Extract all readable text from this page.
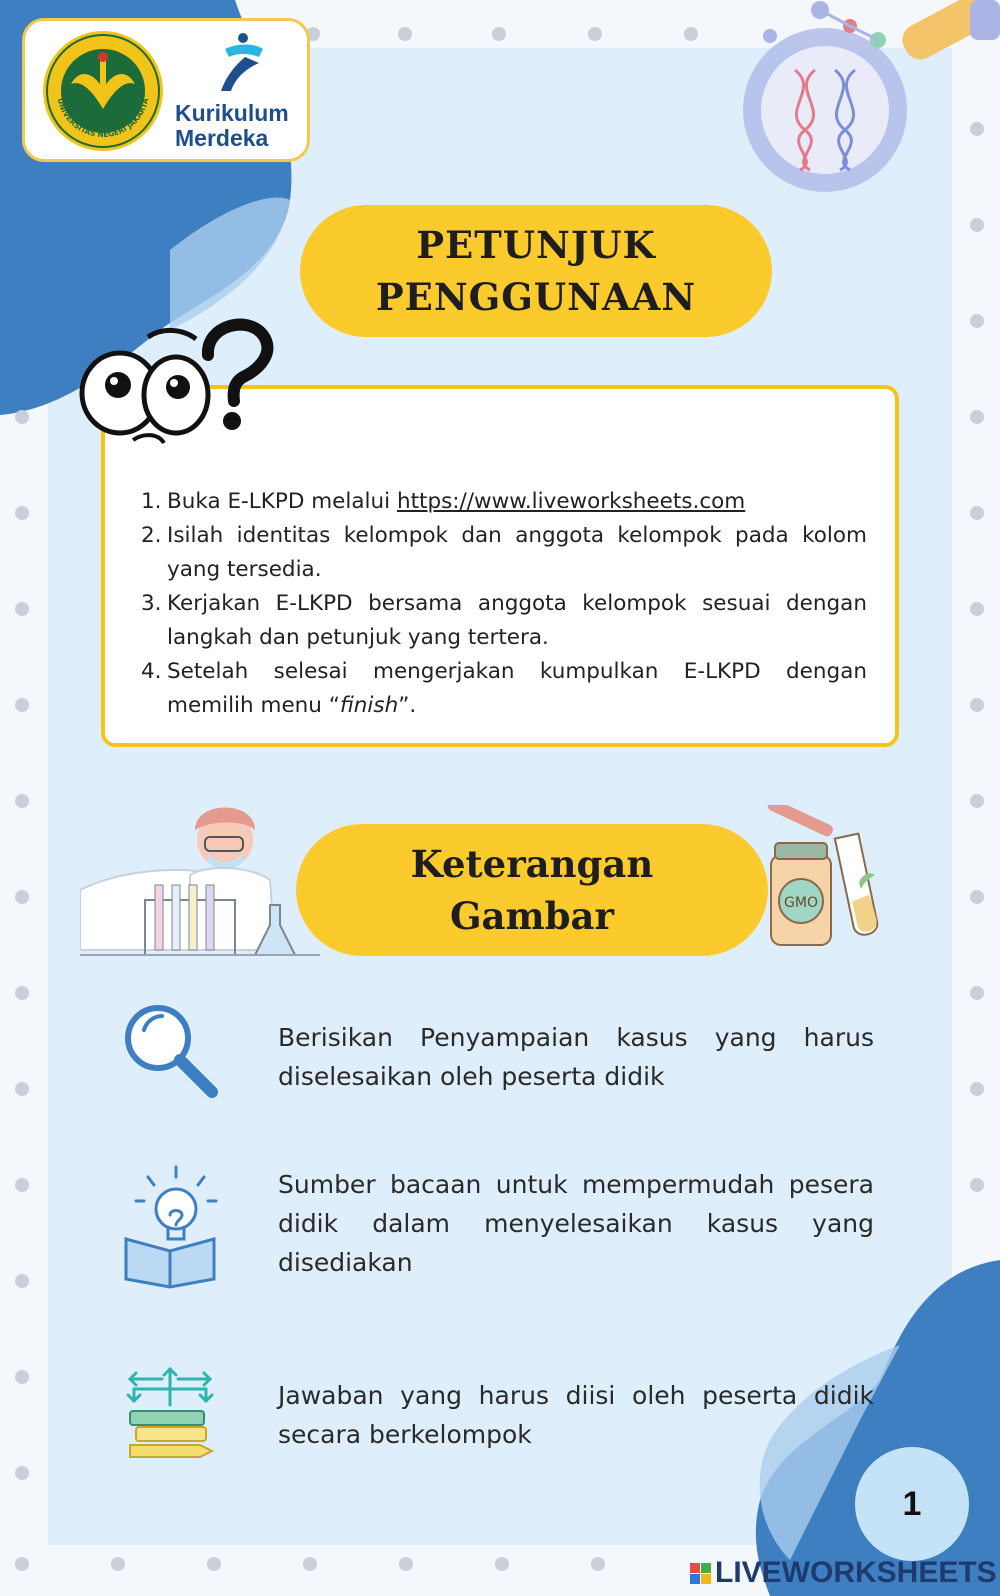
UNIVERSITAS NEGERI JAKARTA Kurikulum
Merdeka
PETUNJUK
PENGGUNAAN
1. Buka E-LKPD melalui https://www.liveworksheets.com
2. Isilah identitas kelompok dan anggota kelompok pada kolom yang tersedia.
3. Kerjakan E-LKPD bersama anggota kelompok sesuai dengan langkah dan petunjuk yang tertera.
4. Setelah selesai mengerjakan kumpulkan E-LKPD dengan memilih menu “finish”.
GMO
Keterangan
Gambar
Berisikan Penyampaian kasus yang harus diselesaikan oleh peserta didik
Sumber bacaan untuk mempermudah pesera didik dalam menyelesaikan kasus yang disediakan
Jawaban yang harus diisi oleh peserta didik secara berkelompok
1
LIVEWORKSHEETS
